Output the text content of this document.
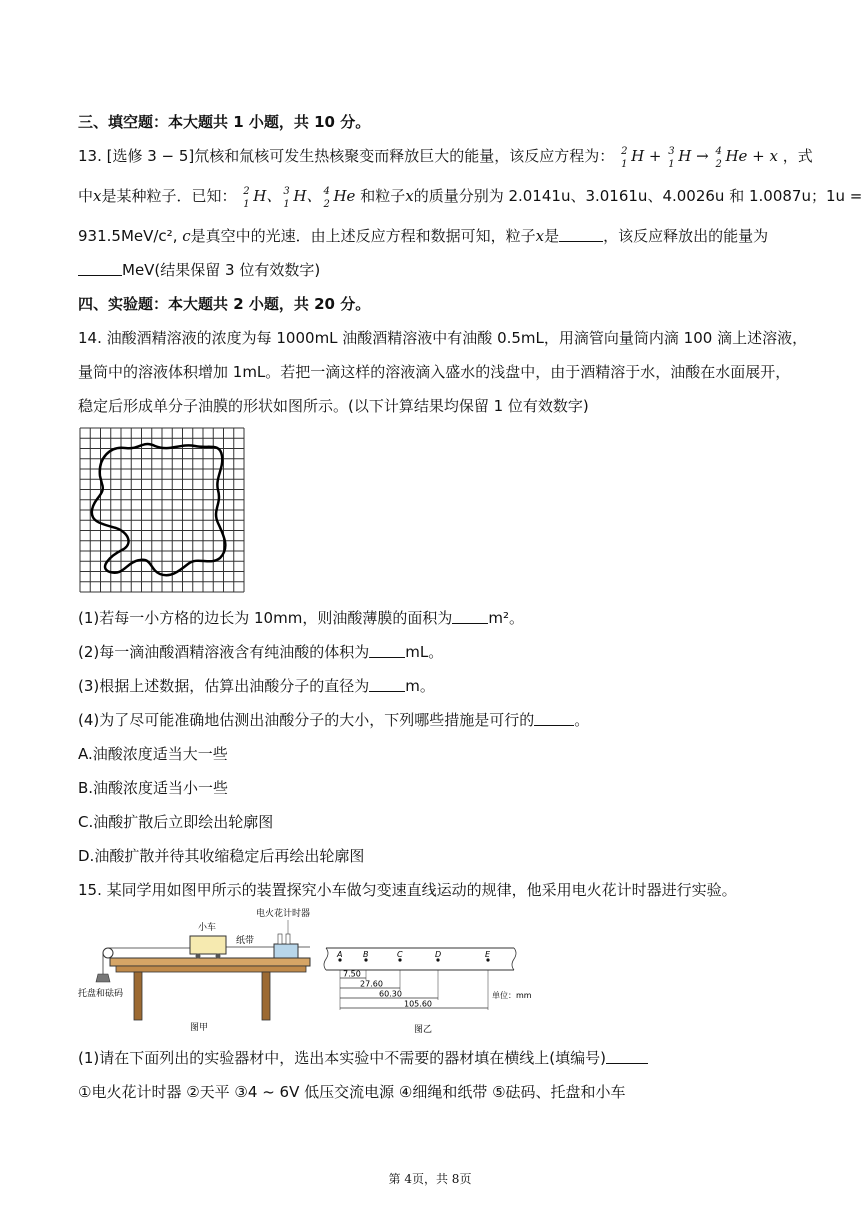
三、填空题：本大题共 1 小题，共 10 分。
13. [选修 3 − 5]氘核和氚核可发生热核聚变而释放巨大的能量，该反应方程为： 2
1 H + 3
1 H → 4
2 He + x ，式
中x是某种粒子．已知： 2
1 H、 3
1 H、 4
2 He 和粒子x的质量分别为 2.0141u、3.0161u、4.0026u 和 1.0087u；1u =
931.5MeV/c², c是真空中的光速．由上述反应方程和数据可知，粒子x是	，该反应释放出的能量为
MeV(结果保留 3 位有效数字)
四、实验题：本大题共 2 小题，共 20 分。
14. 油酸酒精溶液的浓度为每 1000mL 油酸酒精溶液中有油酸 0.5mL，用滴管向量筒内滴 100 滴上述溶液，
量筒中的溶液体积增加 1mL。若把一滴这样的溶液滴入盛水的浅盘中，由于酒精溶于水，油酸在水面展开，
稳定后形成单分子油膜的形状如图所示。(以下计算结果均保留 1 位有效数字)
(1)若每一小方格的边长为 10mm，则油酸薄膜的面积为 m²。
(2)每一滴油酸酒精溶液含有纯油酸的体积为 mL。
(3)根据上述数据，估算出油酸分子的直径为 m。
(4)为了尽可能准确地估测出油酸分子的大小，下列哪些措施是可行的	。
A.油酸浓度适当大一些
B.油酸浓度适当小一些
C.油酸扩散后立即绘出轮廓图
D.油酸扩散并待其收缩稳定后再绘出轮廓图
15. 某同学用如图甲所示的装置探究小车做匀变速直线运动的规律，他采用电火花计时器进行实验。
小车
电火花计时器
纸带
托盘和砝码
图甲
A	B	C	D	E
7.50
27.60
60.30
105.60
单位：mm
图乙
(1)请在下面列出的实验器材中，选出本实验中不需要的器材填在横线上(填编号)
①电火花计时器 ②天平 ③4 ~ 6V 低压交流电源 ④细绳和纸带 ⑤砝码、托盘和小车
第 4页，共 8页
